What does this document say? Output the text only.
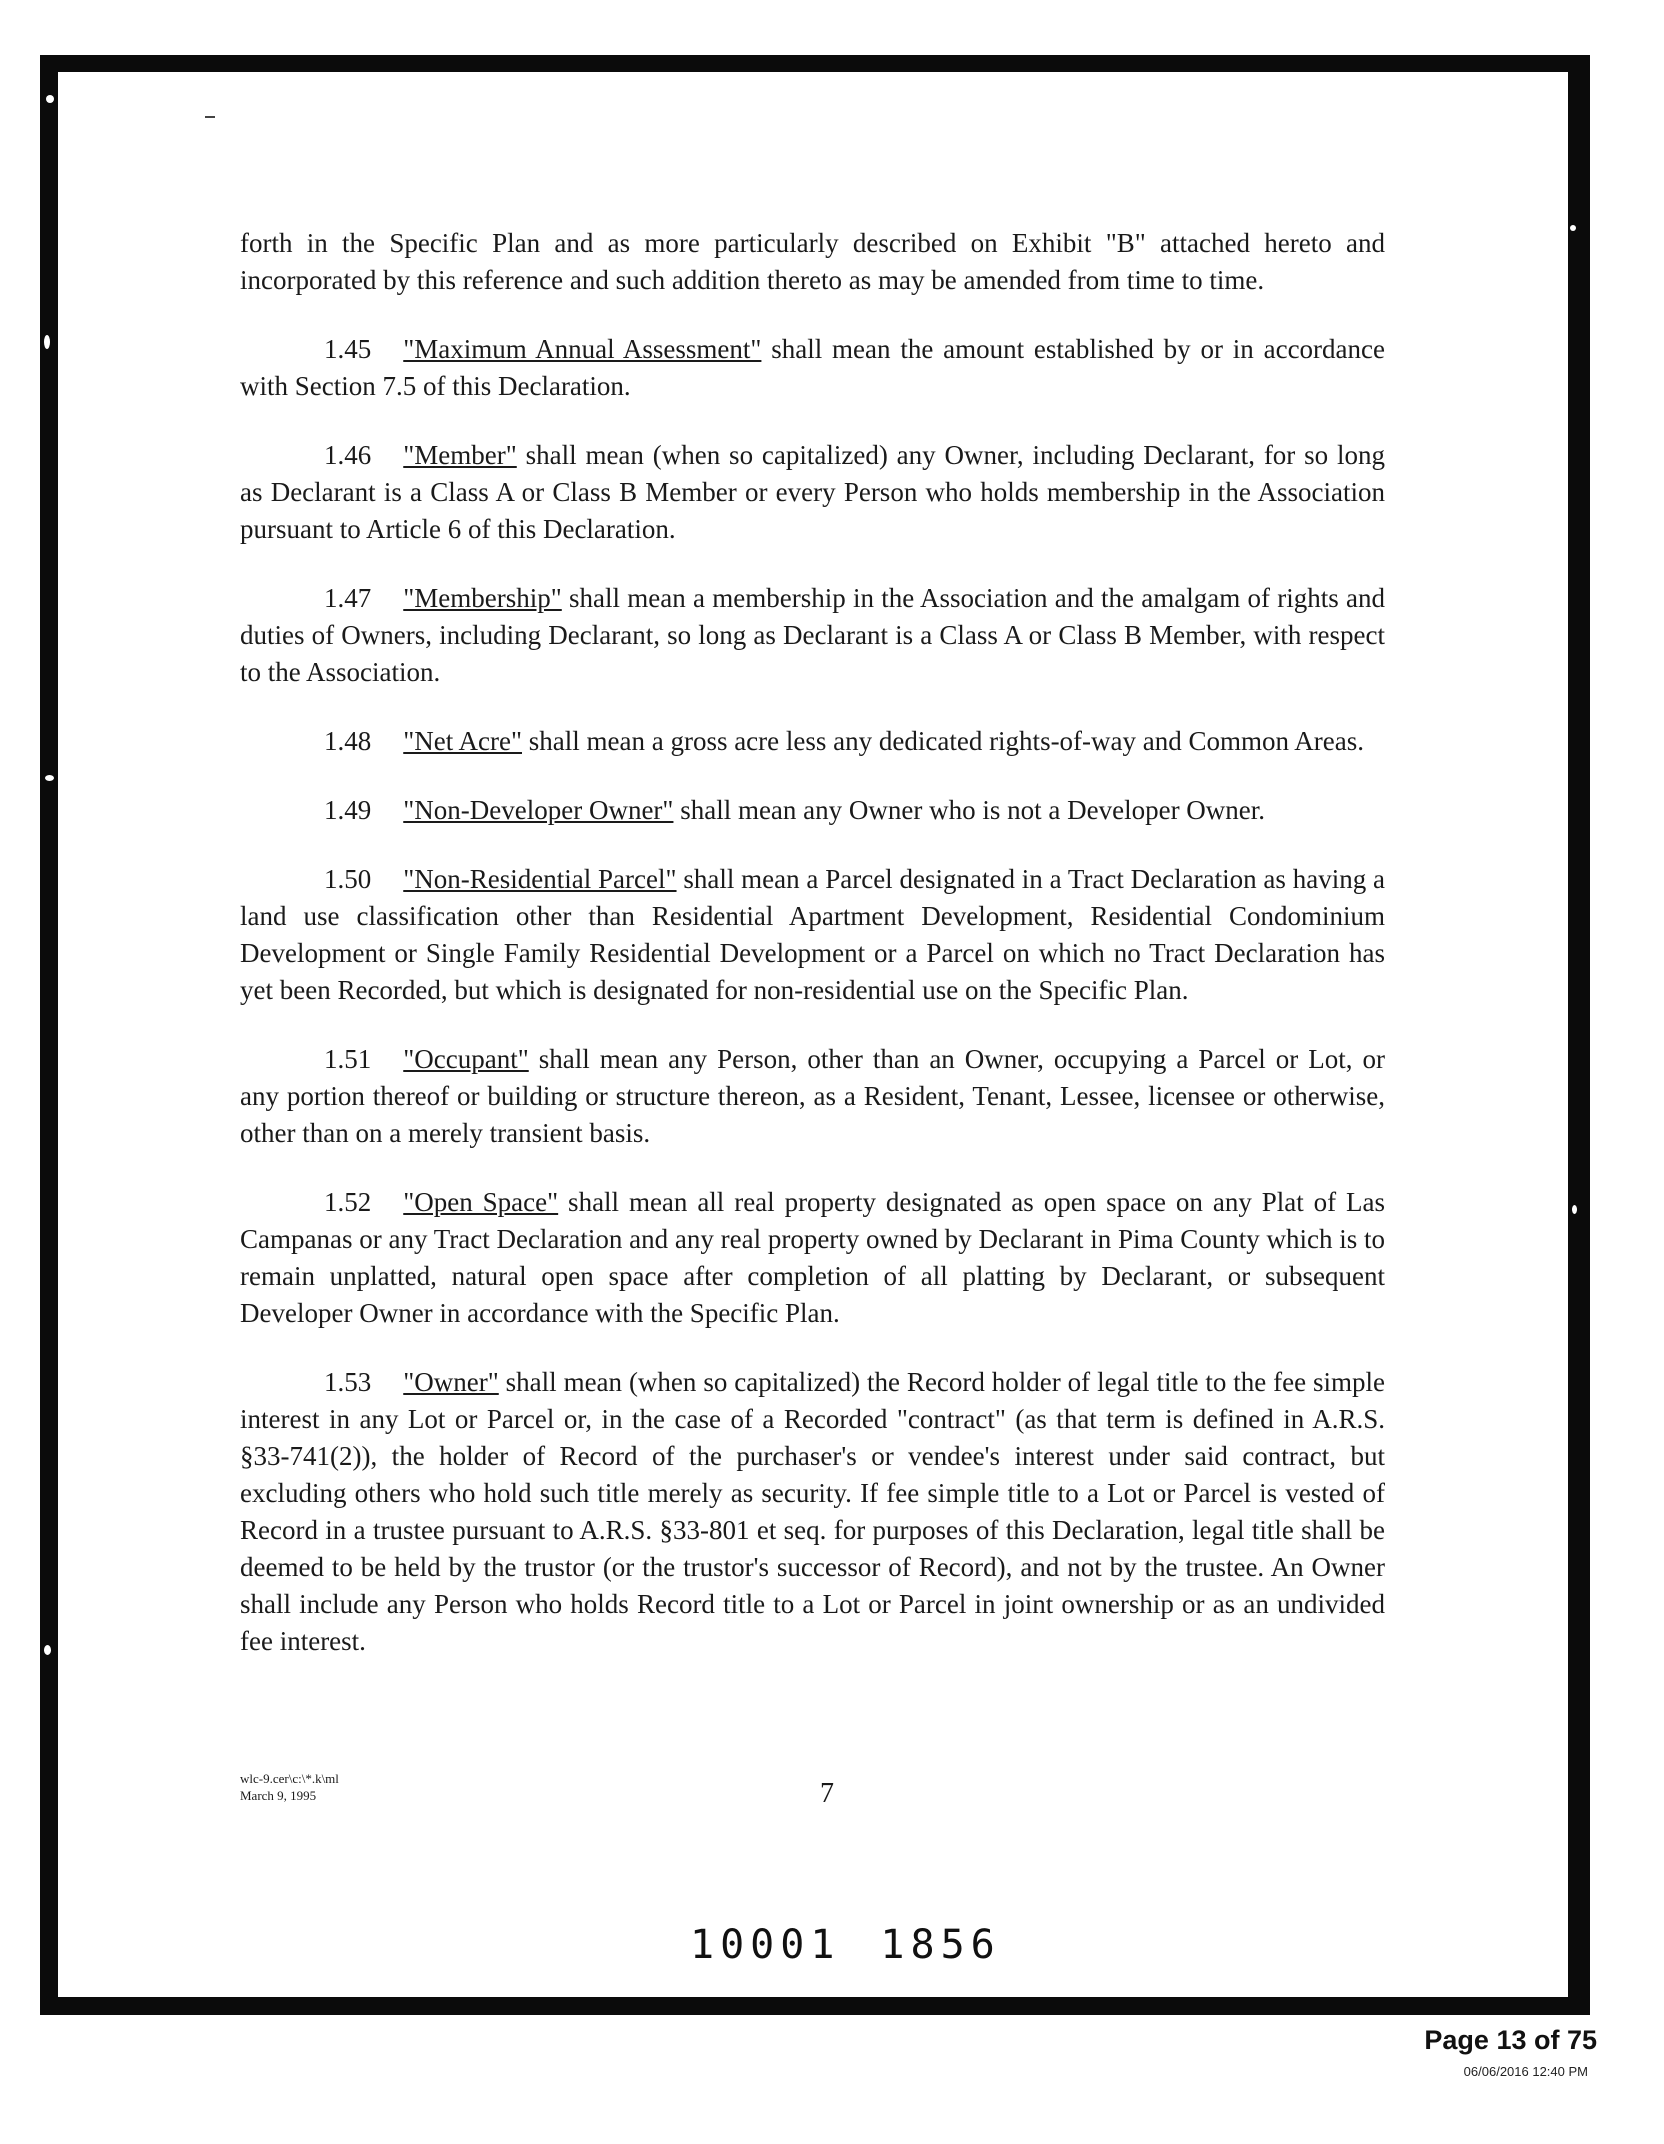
forth in the Specific Plan and as more particularly described on Exhibit "B" attached hereto and incorporated by this reference and such addition thereto as may be amended from time to time.

1.45 "Maximum Annual Assessment" shall mean the amount established by or in accordance with Section 7.5 of this Declaration.

1.46 "Member" shall mean (when so capitalized) any Owner, including Declarant, for so long as Declarant is a Class A or Class B Member or every Person who holds membership in the Association pursuant to Article 6 of this Declaration.

1.47 "Membership" shall mean a membership in the Association and the amalgam of rights and duties of Owners, including Declarant, so long as Declarant is a Class A or Class B Member, with respect to the Association.

1.48 "Net Acre" shall mean a gross acre less any dedicated rights-of-way and Common Areas.

1.49 "Non-Developer Owner" shall mean any Owner who is not a Developer Owner.

1.50 "Non-Residential Parcel" shall mean a Parcel designated in a Tract Declaration as having a land use classification other than Residential Apartment Development, Residential Condominium Development or Single Family Residential Development or a Parcel on which no Tract Declaration has yet been Recorded, but which is designated for non-residential use on the Specific Plan.

1.51 "Occupant" shall mean any Person, other than an Owner, occupying a Parcel or Lot, or any portion thereof or building or structure thereon, as a Resident, Tenant, Lessee, licensee or otherwise, other than on a merely transient basis.

1.52 "Open Space" shall mean all real property designated as open space on any Plat of Las Campanas or any Tract Declaration and any real property owned by Declarant in Pima County which is to remain unplatted, natural open space after completion of all platting by Declarant, or subsequent Developer Owner in accordance with the Specific Plan.

1.53 "Owner" shall mean (when so capitalized) the Record holder of legal title to the fee simple interest in any Lot or Parcel or, in the case of a Recorded "contract" (as that term is defined in A.R.S. §33-741(2)), the holder of Record of the purchaser's or vendee's interest under said contract, but excluding others who hold such title merely as security. If fee simple title to a Lot or Parcel is vested of Record in a trustee pursuant to A.R.S. §33-801 et seq. for purposes of this Declaration, legal title shall be deemed to be held by the trustor (or the trustor's successor of Record), and not by the trustee. An Owner shall include any Person who holds Record title to a Lot or Parcel in joint ownership or as an undivided fee interest.

wlc-9.cer\c:\*.k\ml
March 9, 1995	7
10001 1856
Page 13 of 75
06/06/2016 12:40 PM
